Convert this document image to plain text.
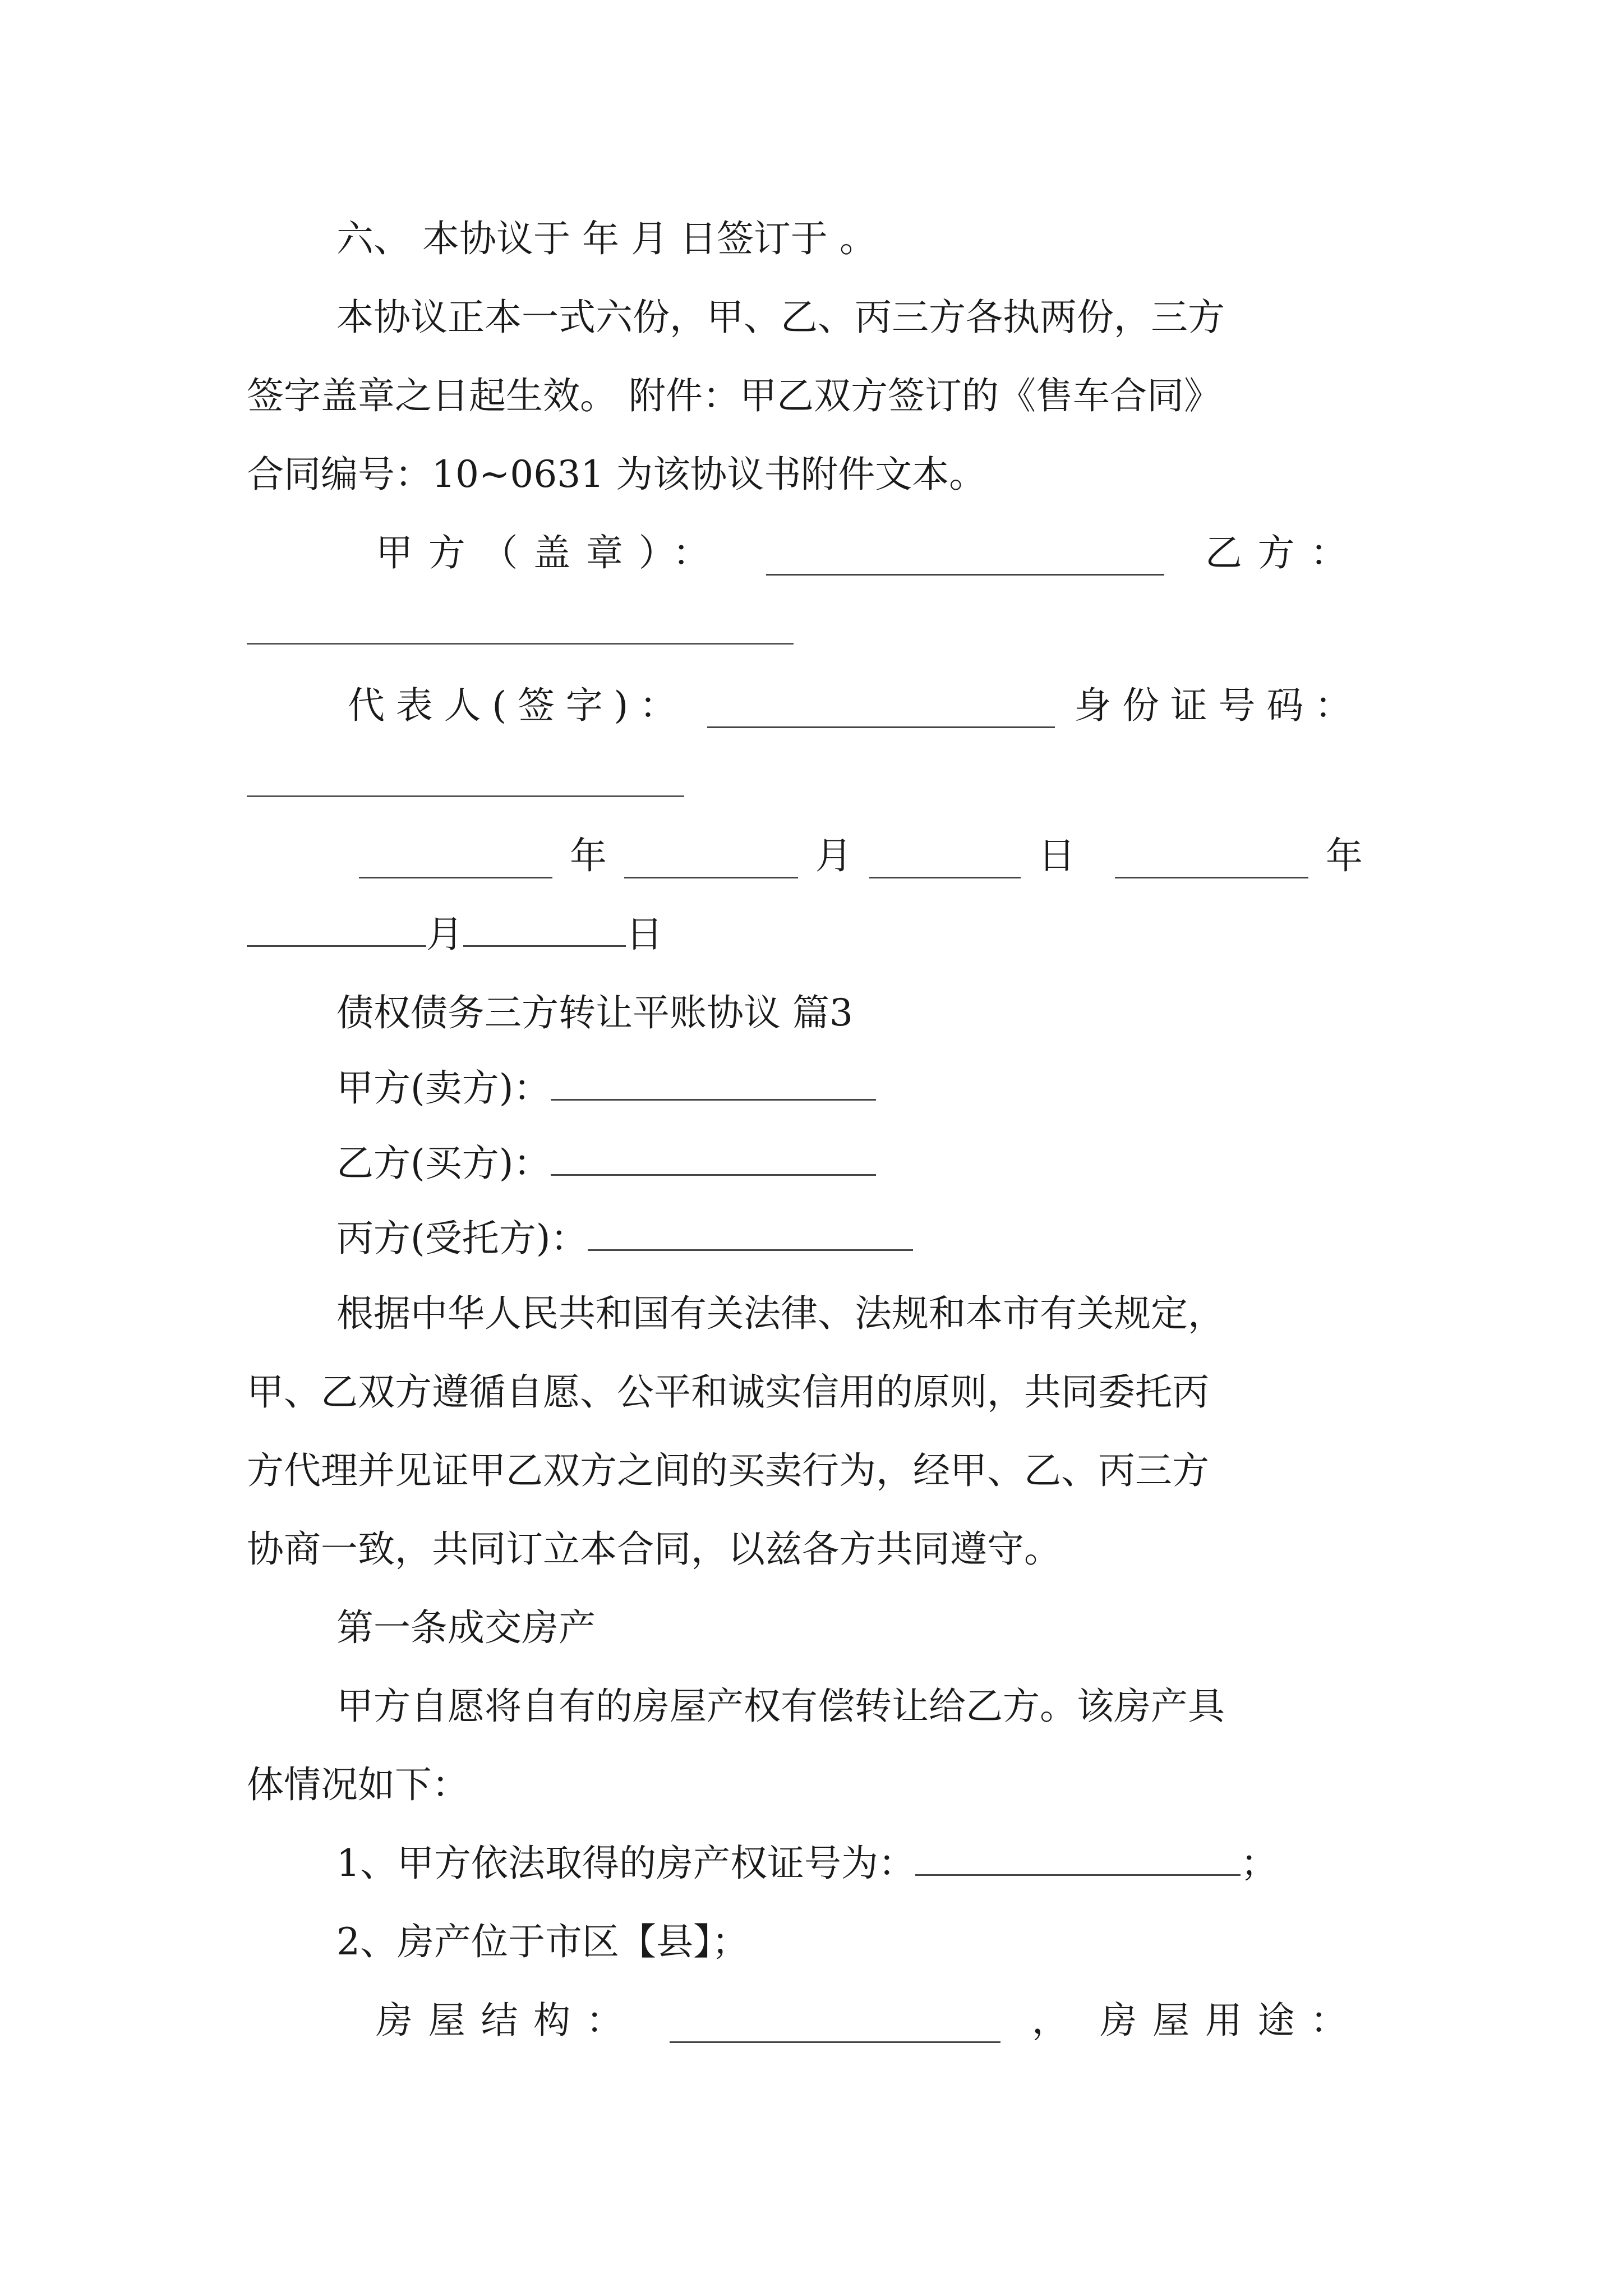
六、 本协议于 年 月 日签订于 。
本协议正本一式六份，甲、乙、丙三方各执两份，三方
签字盖章之日起生效。 附件：甲乙双方签订的《售车合同》
合同编号：10~0631 为该协议书附件文本。
甲方（盖章）：	乙方：
代表人(签字)：	身份证号码：
年	月	日	年
月	日
债权债务三方转让平账协议 篇3
甲方(卖方)：
乙方(买方)：
丙方(受托方)：
根据中华人民共和国有关法律、法规和本市有关规定，
甲、乙双方遵循自愿、公平和诚实信用的原则，共同委托丙
方代理并见证甲乙双方之间的买卖行为，经甲、乙、丙三方
协商一致，共同订立本合同，以兹各方共同遵守。
第一条成交房产
甲方自愿将自有的房屋产权有偿转让给乙方。该房产具
体情况如下：
1、甲方依法取得的房产权证号为：	；
2、房产位于市区【县】；
房屋结构：	， 房屋用途：
